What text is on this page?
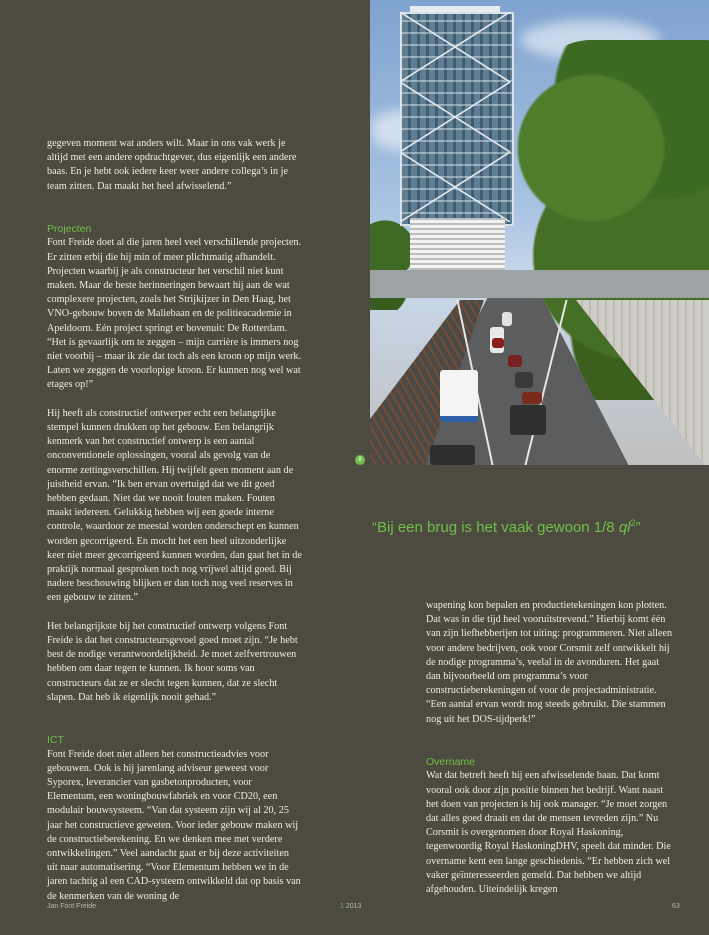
gegeven moment wat anders wilt. Maar in ons vak werk je altijd met een andere opdrachtgever, dus eigenlijk een andere baas. En je hebt ook iedere keer weer andere collega’s in je team zitten. Dat maakt het heel afwisselend.”

Projecten

Font Freide doet al die jaren heel veel verschillende projecten. Er zitten erbij die hij min of meer plichtmatig afhandelt. Projecten waarbij je als constructeur het verschil niet kunt maken. Maar de beste herinneringen bewaart hij aan de wat complexere projecten, zoals het Strijkijzer in Den Haag, het VNO-gebouw boven de Maliebaan en de politieacademie in Apeldoorn. Eén project springt er bovenuit: De Rotterdam. “Het is gevaarlijk om te zeggen – mijn carrière is immers nog niet voorbij – maar ik zie dat toch als een kroon op mijn werk. Laten we zeggen de voorlopige kroon. Er kunnen nog wel wat etages op!”

Hij heeft als constructief ontwerper echt een belangrijke stempel kunnen drukken op het gebouw. Een belangrijk kenmerk van het constructief ontwerp is een aantal onconventionele oplossingen, vooral als gevolg van de enorme zettingsverschillen. Hij twijfelt geen moment aan de juistheid ervan. “Ik ben ervan overtuigd dat we dit goed hebben gedaan. Niet dat we nooit fouten maken. Fouten maakt iedereen. Gelukkig hebben wij een goede interne controle, waardoor ze meestal worden onderschept en kunnen worden gecorrigeerd. En mocht het een heel uitzonderlijke keer niet meer gecorrigeerd kunnen worden, dan gaat het in de praktijk normaal gesproken toch nog vrijwel altijd goed. Bij nadere beschouwing blijken er dan toch nog veel reserves in een gebouw te zitten.”

Het belangrijkste bij het constructief ontwerp volgens Font Freide is dat het constructeursgevoel goed moet zijn. “Je hebt best de nodige verantwoordelijkheid. Je moet zelfvertrouwen hebben om daar tegen te kunnen. Ik hoor soms van constructeurs dat ze er slecht tegen kunnen, dat ze slecht slapen. Dat heb ik eigenlijk nooit gehad.”

ICT

Font Freide doet niet alleen het constructieadvies voor gebouwen. Ook is hij jarenlang adviseur geweest voor Syporex, leverancier van gasbetonproducten, voor Elementum, een woningbouwfabriek en voor CD20, een modulair bouwsysteem. “Van dat systeem zijn wij al 20, 25 jaar het constructieve geweten. Voor ieder gebouw maken wij de constructieberekening. En we denken mee met verdere ontwikkelingen.” Veel aandacht gaat er bij deze activiteiten uit naar automatisering. “Voor Elementum hebben we in de jaren tachtig al een CAD-systeem ontwikkeld dat op basis van de kenmerken van de woning de

8
“Bij een brug is het vaak gewoon 1/8 $ql^2$”

wapening kon bepalen en productietekeningen kon plotten. Dat was in die tijd heel vooruitstrevend.” Hierbij komt één van zijn liefhebberijen tot uiting: programmeren. Niet alleen voor andere bedrijven, ook voor Corsmit zelf ontwikkelt hij de nodige programma’s, veelal in de avonduren. Het gaat dan bijvoorbeeld om programma’s voor constructieberekeningen of voor de projectadministratie. “Een aantal ervan wordt nog steeds gebruikt. Die stammen nog uit het DOS-tijdperk!”

Overname

Wat dat betreft heeft hij een afwisselende baan. Dat komt vooral ook door zijn positie binnen het bedrijf. Want naast het doen van projecten is hij ook manager. “Je moet zorgen dat alles goed draait en dat de mensen tevreden zijn.” Nu Corsmit is overgenomen door Royal Haskoning, tegenwoordig Royal HaskoningDHV, speelt dat minder. Die overname kent een lange geschiedenis. “Er hebben zich wel vaker geïnteresseerden gemeld. Dat hebben we altijd afgehouden. Uiteindelijk kregen

Jan Font Freide	1 2013	63
